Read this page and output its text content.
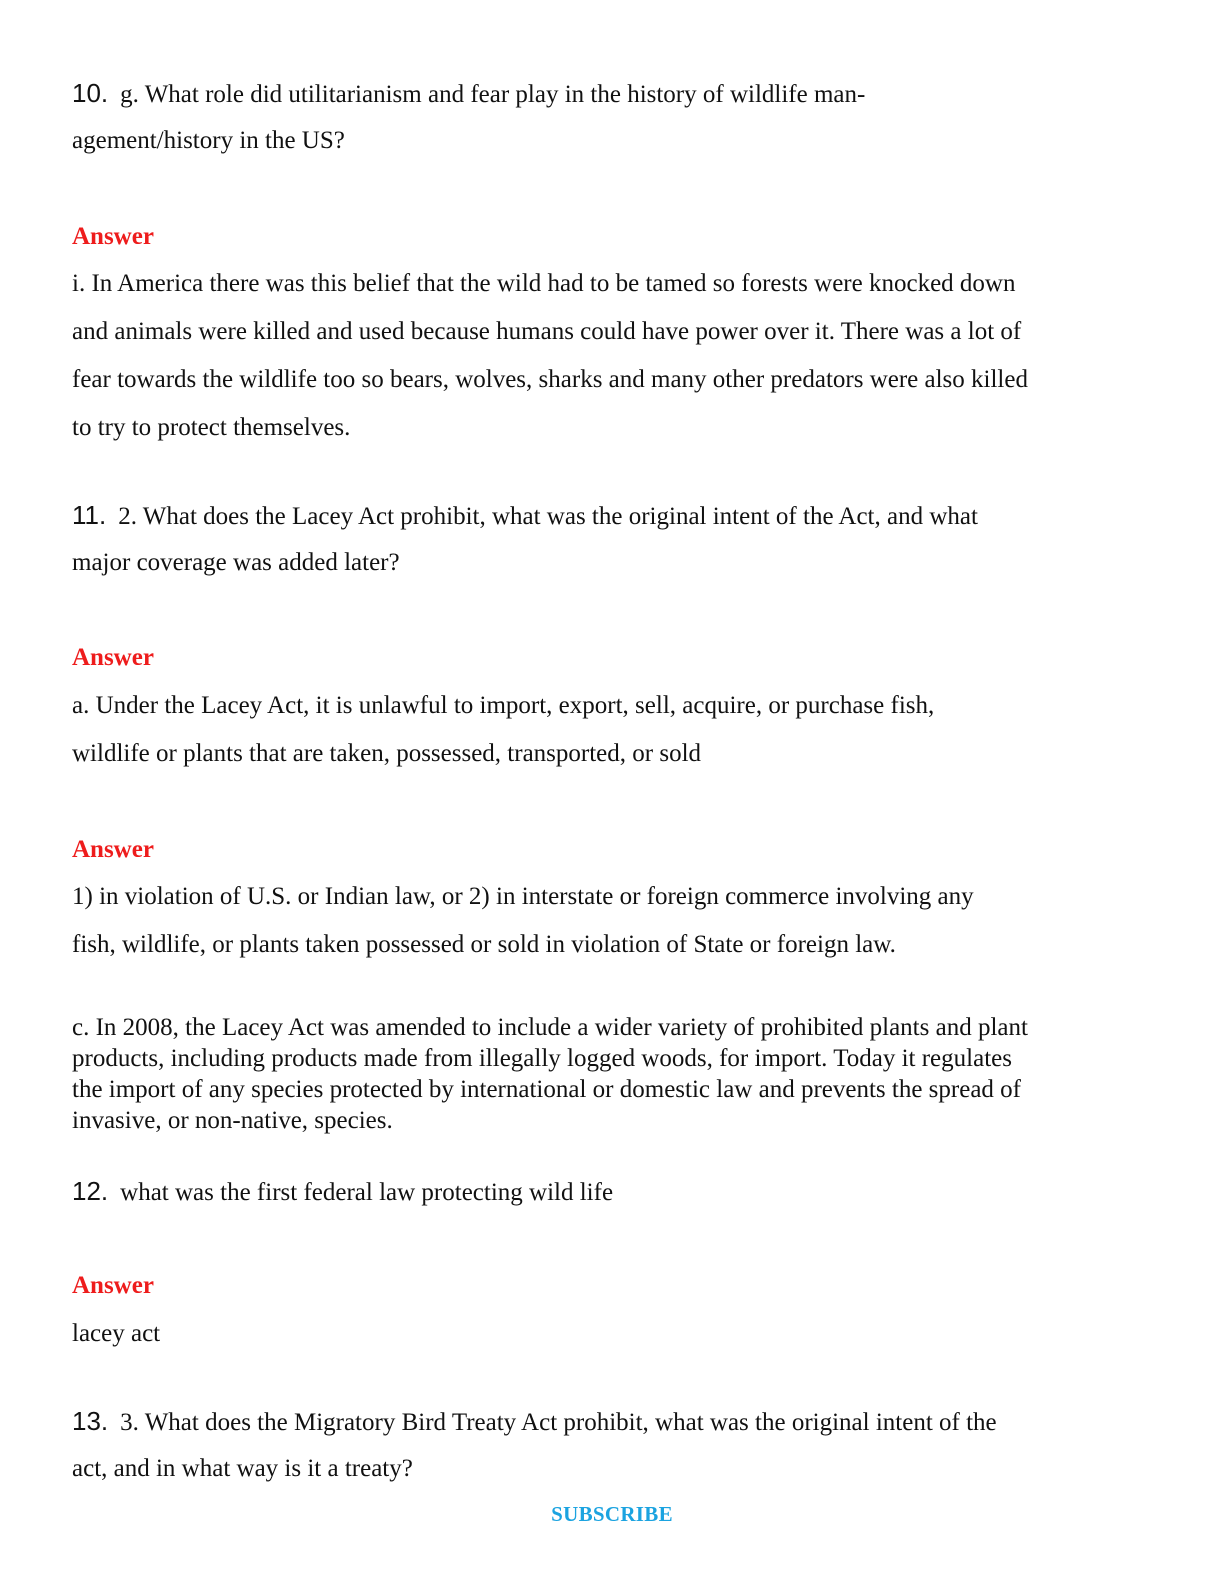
10. g. What role did utilitarianism and fear play in the history of wildlife man-
agement/history in the US?
Answer
i. In America there was this belief that the wild had to be tamed so forests were knocked down
and animals were killed and used because humans could have power over it. There was a lot of
fear towards the wildlife too so bears, wolves, sharks and many other predators were also killed
to try to protect themselves.
11. 2. What does the Lacey Act prohibit, what was the original intent of the Act, and what
major coverage was added later?
Answer
a. Under the Lacey Act, it is unlawful to import, export, sell, acquire, or purchase fish,
wildlife or plants that are taken, possessed, transported, or sold
Answer
1) in violation of U.S. or Indian law, or 2) in interstate or foreign commerce involving any
fish, wildlife, or plants taken possessed or sold in violation of State or foreign law.
c. In 2008, the Lacey Act was amended to include a wider variety of prohibited plants and plant
products, including products made from illegally logged woods, for import. Today it regulates
the import of any species protected by international or domestic law and prevents the spread of
invasive, or non-native, species.
12. what was the first federal law protecting wild life
Answer
lacey act
13. 3. What does the Migratory Bird Treaty Act prohibit, what was the original intent of the
act, and in what way is it a treaty?
SUBSCRIBE
